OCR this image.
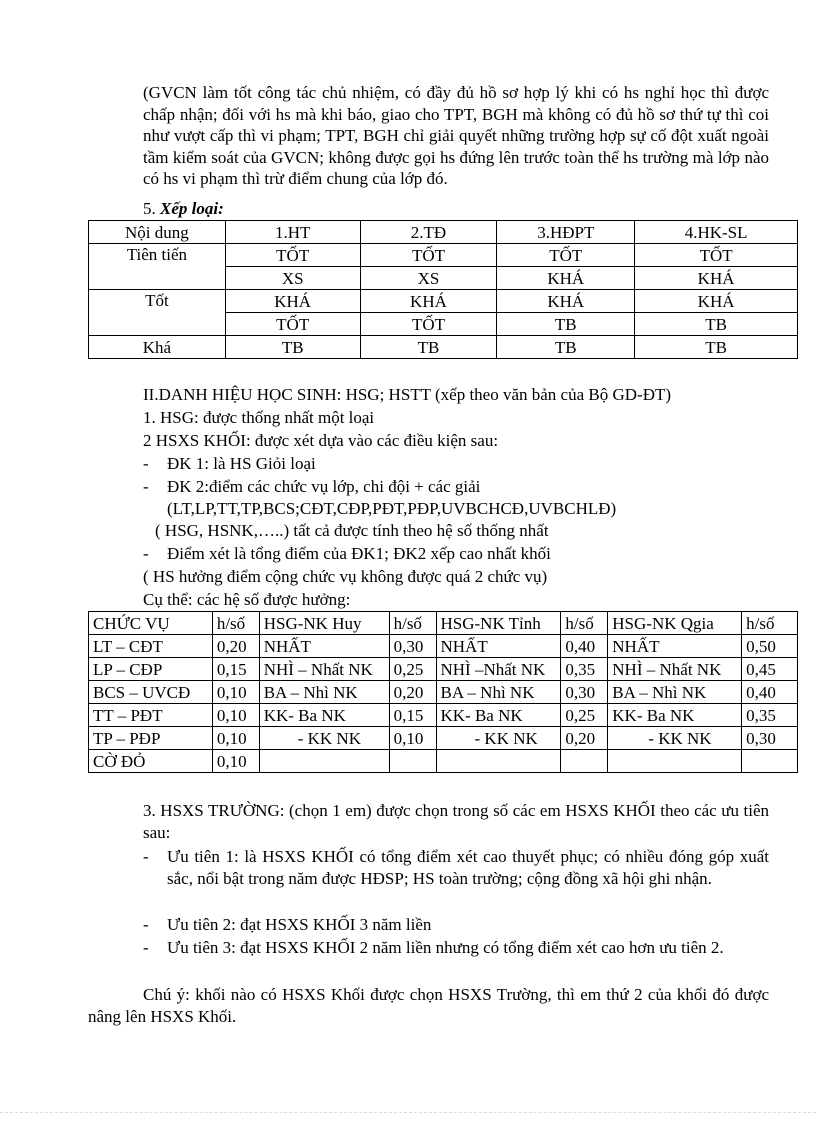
(GVCN làm tốt công tác chủ nhiệm, có đầy đủ hồ sơ hợp lý khi có hs nghỉ học thì được chấp nhận; đối với hs mà khi báo, giao cho TPT, BGH mà không có đủ hồ sơ thứ tự thì coi như vượt cấp thì vi phạm; TPT, BGH chỉ giải quyết những trường hợp sự cố đột xuất ngoài tầm kiểm soát của GVCN; không được gọi hs đứng lên trước toàn thể hs trường mà lớp nào có hs vi phạm thì trừ điểm chung của lớp đó.

5. Xếp loại:

Nội dung	1.HT	2.TĐ	3.HĐPT	4.HK-SL
Tiên tiến	TỐT	TỐT	TỐT	TỐT
	XS	XS	KHÁ	KHÁ
Tốt	KHÁ	KHÁ	KHÁ	KHÁ
	TỐT	TỐT	TB	TB
Khá	TB	TB	TB	TB

II.DANH HIỆU HỌC SINH: HSG; HSTT (xếp theo văn bản của Bộ GD-ĐT)

1. HSG: được thống nhất một loại

2 HSXS KHỐI: được xét dựa vào các điều kiện sau:

- ĐK 1: là HS Giỏi loại

- ĐK 2:điểm các chức vụ lớp, chi đội + các giải

(LT,LP,TT,TP,BCS;CĐT,CĐP,PĐT,PĐP,UVBCHCĐ,UVBCHLĐ)

( HSG, HSNK,…..) tất cả được tính theo hệ số thống nhất

- Điểm xét là tổng điểm của ĐK1; ĐK2 xếp cao nhất khối

( HS hưởng điểm cộng chức vụ không được quá 2 chức vụ)

Cụ thể: các hệ số được hưởng:

CHỨC VỤ	h/số	HSG-NK Huy	h/số	HSG-NK Tỉnh	h/số	HSG-NK Qgia	h/số
LT – CĐT	0,20	NHẤT	0,30	NHẤT	0,40	NHẤT	0,50
LP – CĐP	0,15	NHÌ – Nhất NK	0,25	NHÌ –Nhất NK	0,35	NHÌ – Nhất NK	0,45
BCS – UVCĐ	0,10	BA – Nhì NK	0,20	BA – Nhì NK	0,30	BA – Nhì NK	0,40
TT – PĐT	0,10	KK- Ba NK	0,15	KK- Ba NK	0,25	KK- Ba NK	0,35
TP – PĐP	0,10	- KK NK	0,10	- KK NK	0,20	- KK NK	0,30
CỜ ĐỎ	0,10						

3. HSXS TRƯỜNG: (chọn 1 em) được chọn trong số các em HSXS KHỐI theo các ưu tiên sau:

- Ưu tiên 1: là HSXS KHỐI có tổng điểm xét cao thuyết phục; có nhiều đóng góp xuất sắc, nổi bật trong năm được HĐSP; HS toàn trường; cộng đồng xã hội ghi nhận.

- Ưu tiên 2: đạt HSXS KHỐI 3 năm liền

- Ưu tiên 3: đạt HSXS KHỐI 2 năm liền nhưng có tổng điểm xét cao hơn ưu tiên 2.

Chú ý: khối nào có HSXS Khối được chọn HSXS Trường, thì em thứ 2 của khối đó được nâng lên HSXS Khối.
